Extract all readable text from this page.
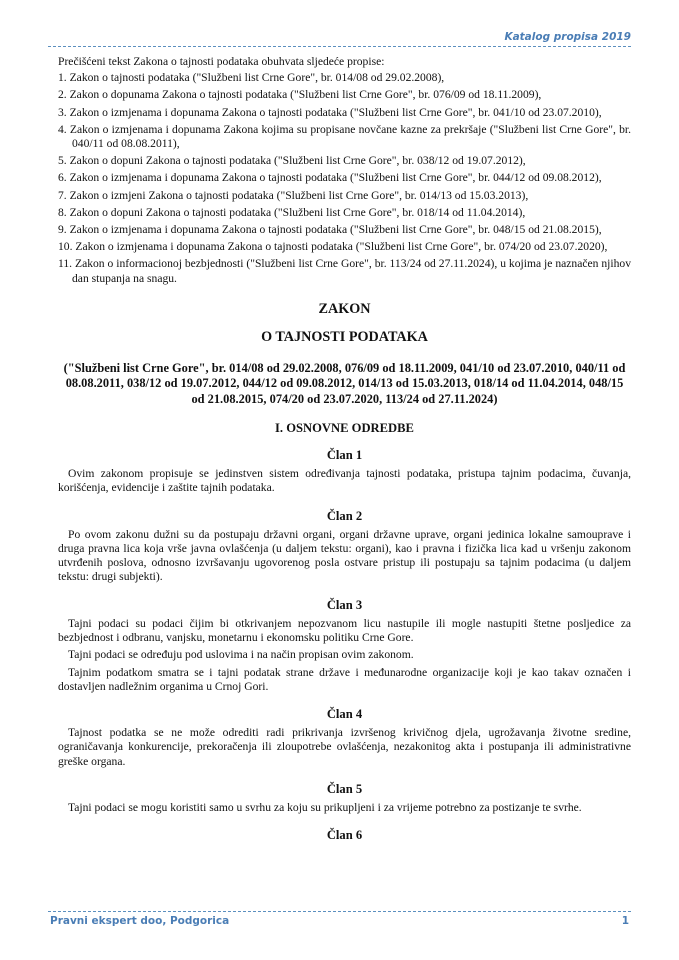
Katalog propisa 2019

Prečišćeni tekst Zakona o tajnosti podataka obuhvata sljedeće propise:

1. Zakon o tajnosti podataka ("Službeni list Crne Gore", br. 014/08 od 29.02.2008),
2. Zakon o dopunama Zakona o tajnosti podataka ("Službeni list Crne Gore", br. 076/09 od 18.11.2009),
3. Zakon o izmjenama i dopunama Zakona o tajnosti podataka ("Službeni list Crne Gore", br. 041/10 od 23.07.2010),
4. Zakon o izmjenama i dopunama Zakona kojima su propisane novčane kazne za prekršaje ("Službeni list Crne Gore", br. 040/11 od 08.08.2011),
5. Zakon o dopuni Zakona o tajnosti podataka ("Službeni list Crne Gore", br. 038/12 od 19.07.2012),
6. Zakon o izmjenama i dopunama Zakona o tajnosti podataka ("Službeni list Crne Gore", br. 044/12 od 09.08.2012),
7. Zakon o izmjeni Zakona o tajnosti podataka ("Službeni list Crne Gore", br. 014/13 od 15.03.2013),
8. Zakon o dopuni Zakona o tajnosti podataka ("Službeni list Crne Gore", br. 018/14 od 11.04.2014),
9. Zakon o izmjenama i dopunama Zakona o tajnosti podataka ("Službeni list Crne Gore", br. 048/15 od 21.08.2015),
10. Zakon o izmjenama i dopunama Zakona o tajnosti podataka ("Službeni list Crne Gore", br. 074/20 od 23.07.2020),
11. Zakon o informacionoj bezbjednosti ("Službeni list Crne Gore", br. 113/24 od 27.11.2024), u kojima je naznačen njihov dan stupanja na snagu.
ZAKON
O TAJNOSTI PODATAKA
("Službeni list Crne Gore", br. 014/08 od 29.02.2008, 076/09 od 18.11.2009, 041/10 od 23.07.2010, 040/11 od 08.08.2011, 038/12 od 19.07.2012, 044/12 od 09.08.2012, 014/13 od 15.03.2013, 018/14 od 11.04.2014, 048/15 od 21.08.2015, 074/20 od 23.07.2020, 113/24 od 27.11.2024)
I. OSNOVNE ODREDBE
Član 1

Ovim zakonom propisuje se jedinstven sistem određivanja tajnosti podataka, pristupa tajnim podacima, čuvanja, korišćenja, evidencije i zaštite tajnih podataka.

Član 2

Po ovom zakonu dužni su da postupaju državni organi, organi državne uprave, organi jedinica lokalne samouprave i druga pravna lica koja vrše javna ovlašćenja (u daljem tekstu: organi), kao i pravna i fizička lica kad u vršenju zakonom utvrđenih poslova, odnosno izvršavanju ugovorenog posla ostvare pristup ili postupaju sa tajnim podacima (u daljem tekstu: drugi subjekti).

Član 3

Tajni podaci su podaci čijim bi otkrivanjem nepozvanom licu nastupile ili mogle nastupiti štetne posljedice za bezbjednost i odbranu, vanjsku, monetarnu i ekonomsku politiku Crne Gore.

Tajni podaci se određuju pod uslovima i na način propisan ovim zakonom.

Tajnim podatkom smatra se i tajni podatak strane države i međunarodne organizacije koji je kao takav označen i dostavljen nadležnim organima u Crnoj Gori.

Član 4

Tajnost podatka se ne može odrediti radi prikrivanja izvršenog krivičnog djela, ugrožavanja životne sredine, ograničavanja konkurencije, prekoračenja ili zloupotrebe ovlašćenja, nezakonitog akta i postupanja ili administrativne greške organa.

Član 5

Tajni podaci se mogu koristiti samo u svrhu za koju su prikupljeni i za vrijeme potrebno za postizanje te svrhe.

Član 6
Pravni ekspert doo, Podgorica	1
